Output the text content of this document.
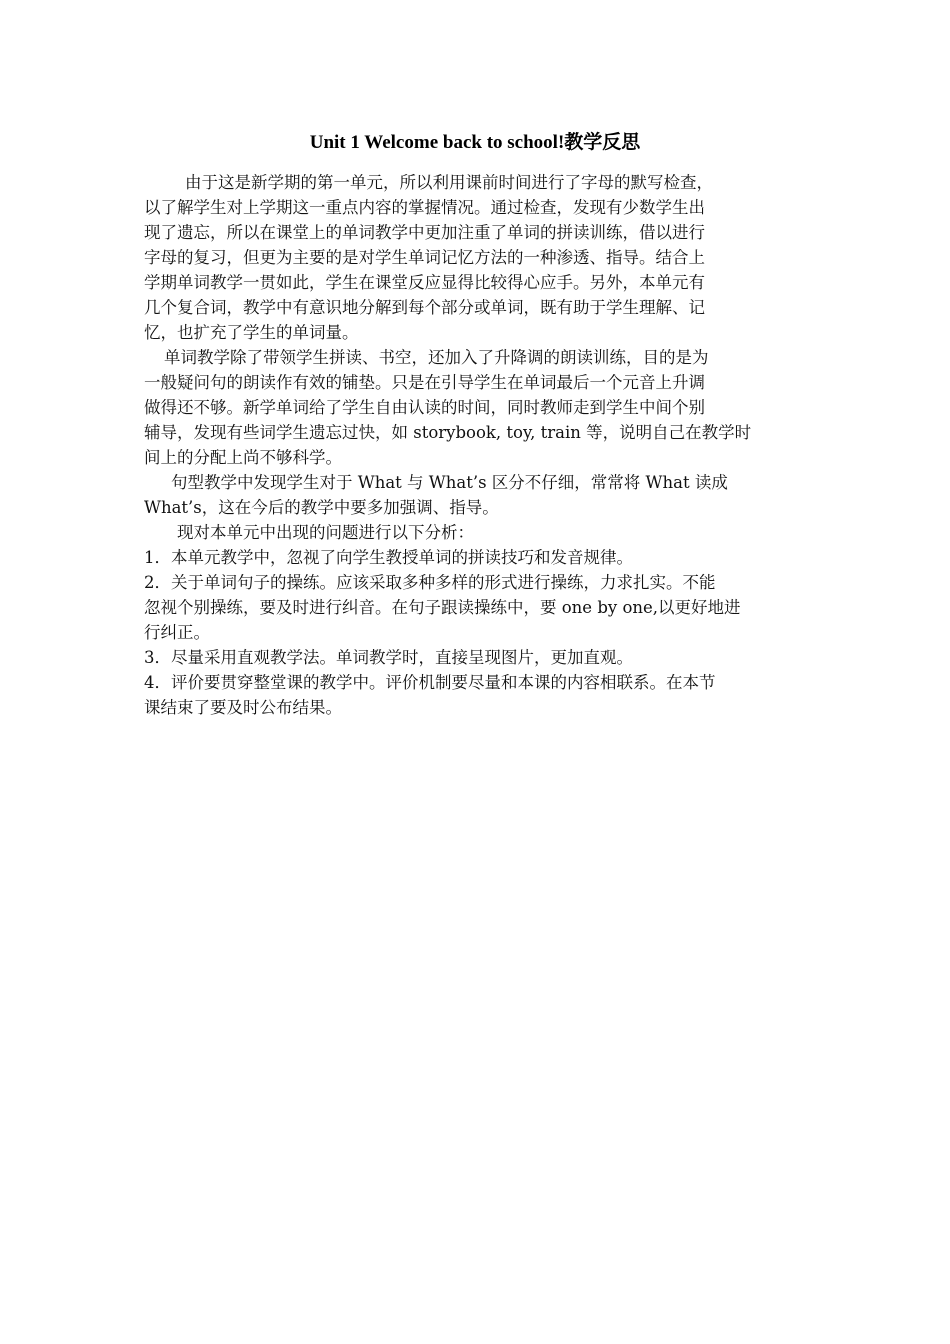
Unit 1 Welcome back to school!教学反思
由于这是新学期的第一单元，所以利用课前时间进行了字母的默写检查，
以了解学生对上学期这一重点内容的掌握情况。通过检查，发现有少数学生出
现了遗忘，所以在课堂上的单词教学中更加注重了单词的拼读训练，借以进行
字母的复习，但更为主要的是对学生单词记忆方法的一种渗透、指导。结合上
学期单词教学一贯如此，学生在课堂反应显得比较得心应手。另外，本单元有
几个复合词，教学中有意识地分解到每个部分或单词，既有助于学生理解、记
忆，也扩充了学生的单词量。
单词教学除了带领学生拼读、书空，还加入了升降调的朗读训练，目的是为
一般疑问句的朗读作有效的铺垫。只是在引导学生在单词最后一个元音上升调
做得还不够。新学单词给了学生自由认读的时间，同时教师走到学生中间个别
辅导，发现有些词学生遗忘过快，如 storybook, toy, train 等，说明自己在教学时
间上的分配上尚不够科学。
句型教学中发现学生对于 What 与 What’s 区分不仔细，常常将 What 读成
What’s，这在今后的教学中要多加强调、指导。
现对本单元中出现的问题进行以下分析：
1．本单元教学中，忽视了向学生教授单词的拼读技巧和发音规律。
2．关于单词句子的操练。应该采取多种多样的形式进行操练，力求扎实。不能
忽视个别操练，要及时进行纠音。在句子跟读操练中，要 one by one,以更好地进
行纠正。
3．尽量采用直观教学法。单词教学时，直接呈现图片，更加直观。
4．评价要贯穿整堂课的教学中。评价机制要尽量和本课的内容相联系。在本节
课结束了要及时公布结果。
